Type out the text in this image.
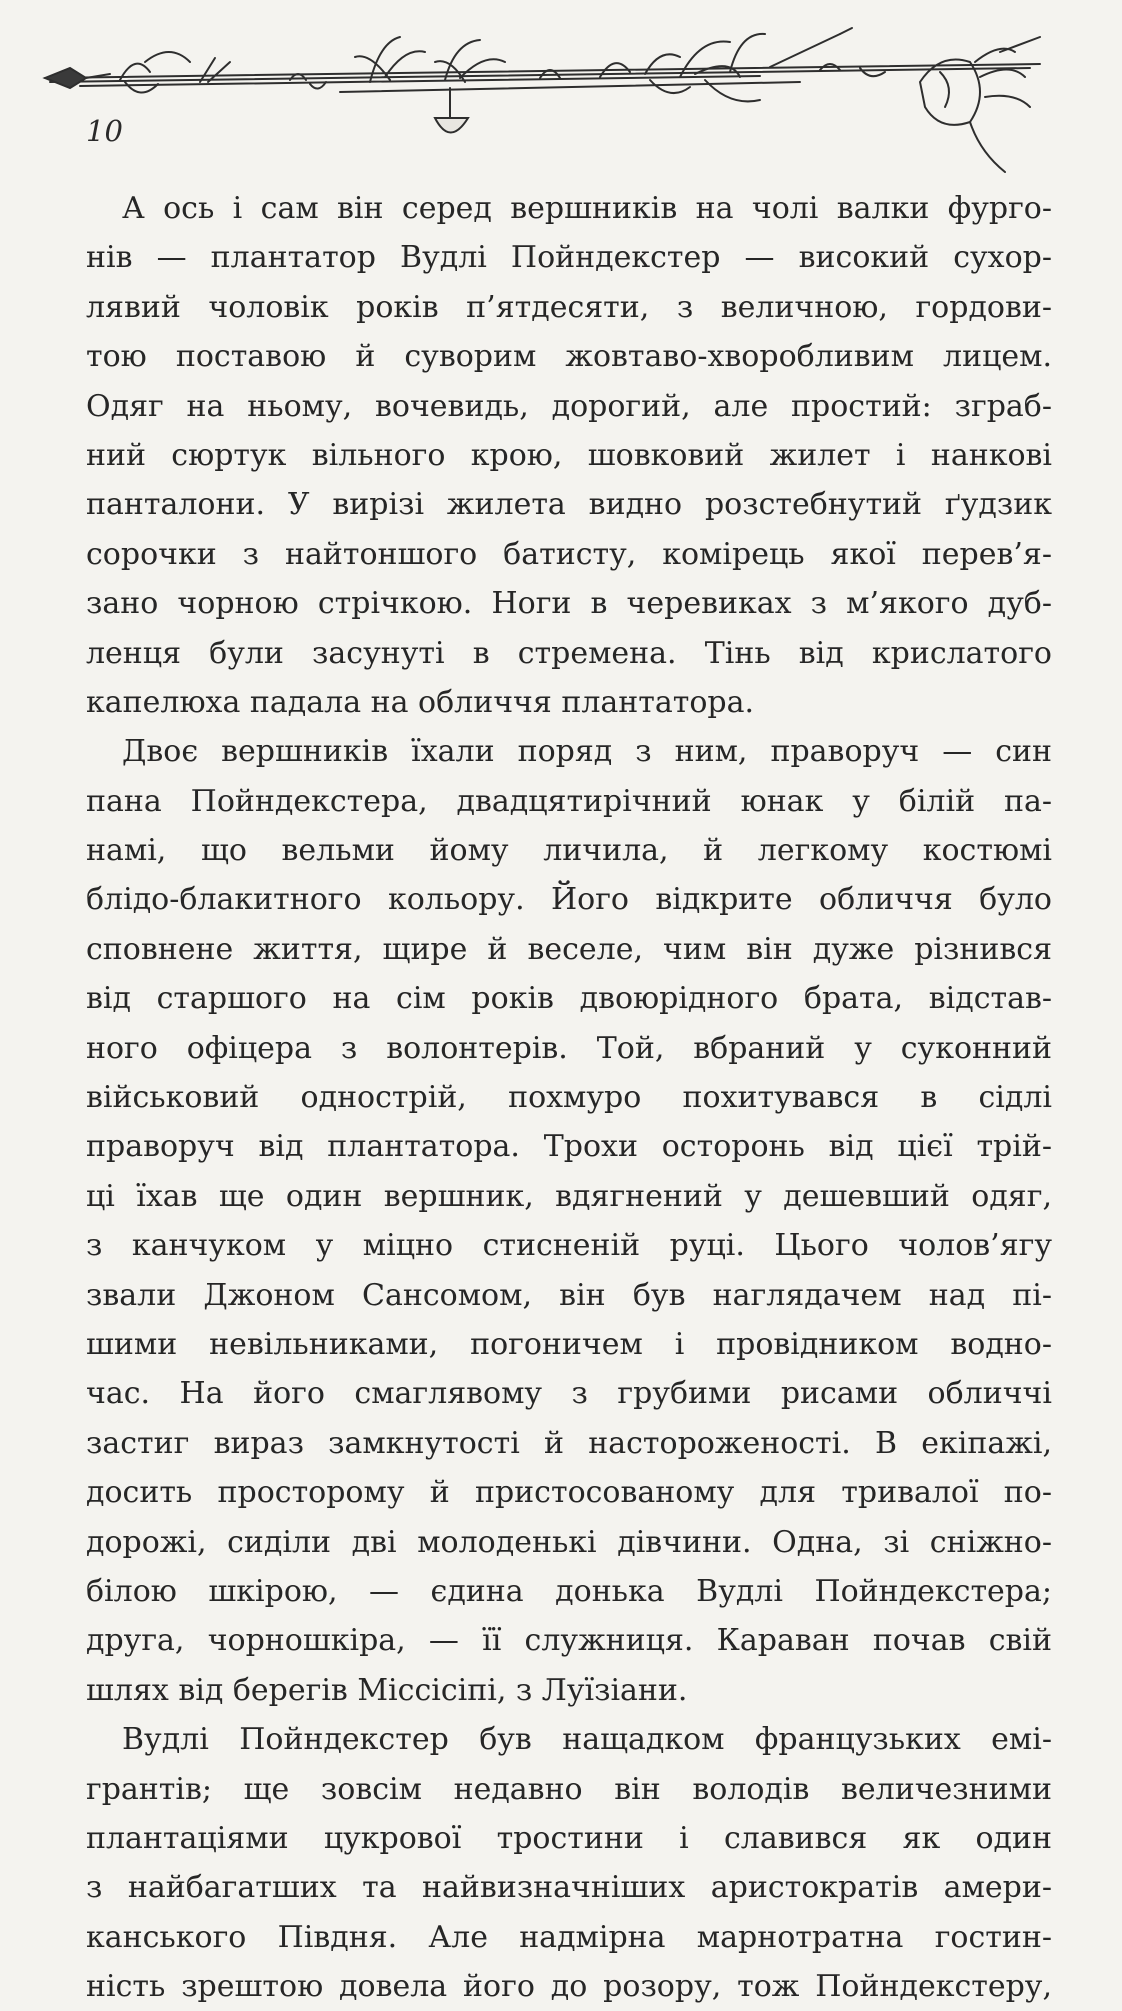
10
А ось і сам він серед вершників на чолі валки фурго-
нів — плантатор Вудлі Пойндекстер — високий сухор-
лявий чоловік років п’ятдесяти, з величною, гордови-
тою поставою й суворим жовтаво-хворобливим лицем.
Одяг на ньому, вочевидь, дорогий, але простий: зграб-
ний сюртук вільного крою, шовковий жилет і нанкові
панталони. У вирізі жилета видно розстебнутий ґудзик
сорочки з найтоншого батисту, комірець якої перев’я-
зано чорною стрічкою. Ноги в черевиках з м’якого дуб-
ленця були засунуті в стремена. Тінь від крислатого
капелюха падала на обличчя плантатора.
Двоє вершників їхали поряд з ним, праворуч — син
пана Пойндекстера, двадцятирічний юнак у білій па-
намі, що вельми йому личила, й легкому костюмі
блідо-блакитного кольору. Його відкрите обличчя було
сповнене життя, щире й веселе, чим він дуже різнився
від старшого на сім років двоюрідного брата, відстав-
ного офіцера з волонтерів. Той, вбраний у суконний
військовий однострій, похмуро похитувався в сідлі
праворуч від плантатора. Трохи осторонь від цієї трій-
ці їхав ще один вершник, вдягнений у дешевший одяг,
з канчуком у міцно стисненій руці. Цього чолов’ягу
звали Джоном Сансомом, він був наглядачем над пі-
шими невільниками, погоничем і провідником водно-
час. На його смаглявому з грубими рисами обличчі
застиг вираз замкнутості й настороженості. В екіпажі,
досить просторому й пристосованому для тривалої по-
дорожі, сиділи дві молоденькі дівчини. Одна, зі сніжно-
білою шкірою, — єдина донька Вудлі Пойндекстера;
друга, чорношкіра, — її служниця. Караван почав свій
шлях від берегів Міссісіпі, з Луїзіани.
Вудлі Пойндекстер був нащадком французьких емі-
грантів; ще зовсім недавно він володів величезними
плантаціями цукрової тростини і славився як один
з найбагатших та найвизначніших аристократів амери-
канського Півдня. Але надмірна марнотратна гостин-
ність зрештою довела його до розору, тож Пойндекстеру,
